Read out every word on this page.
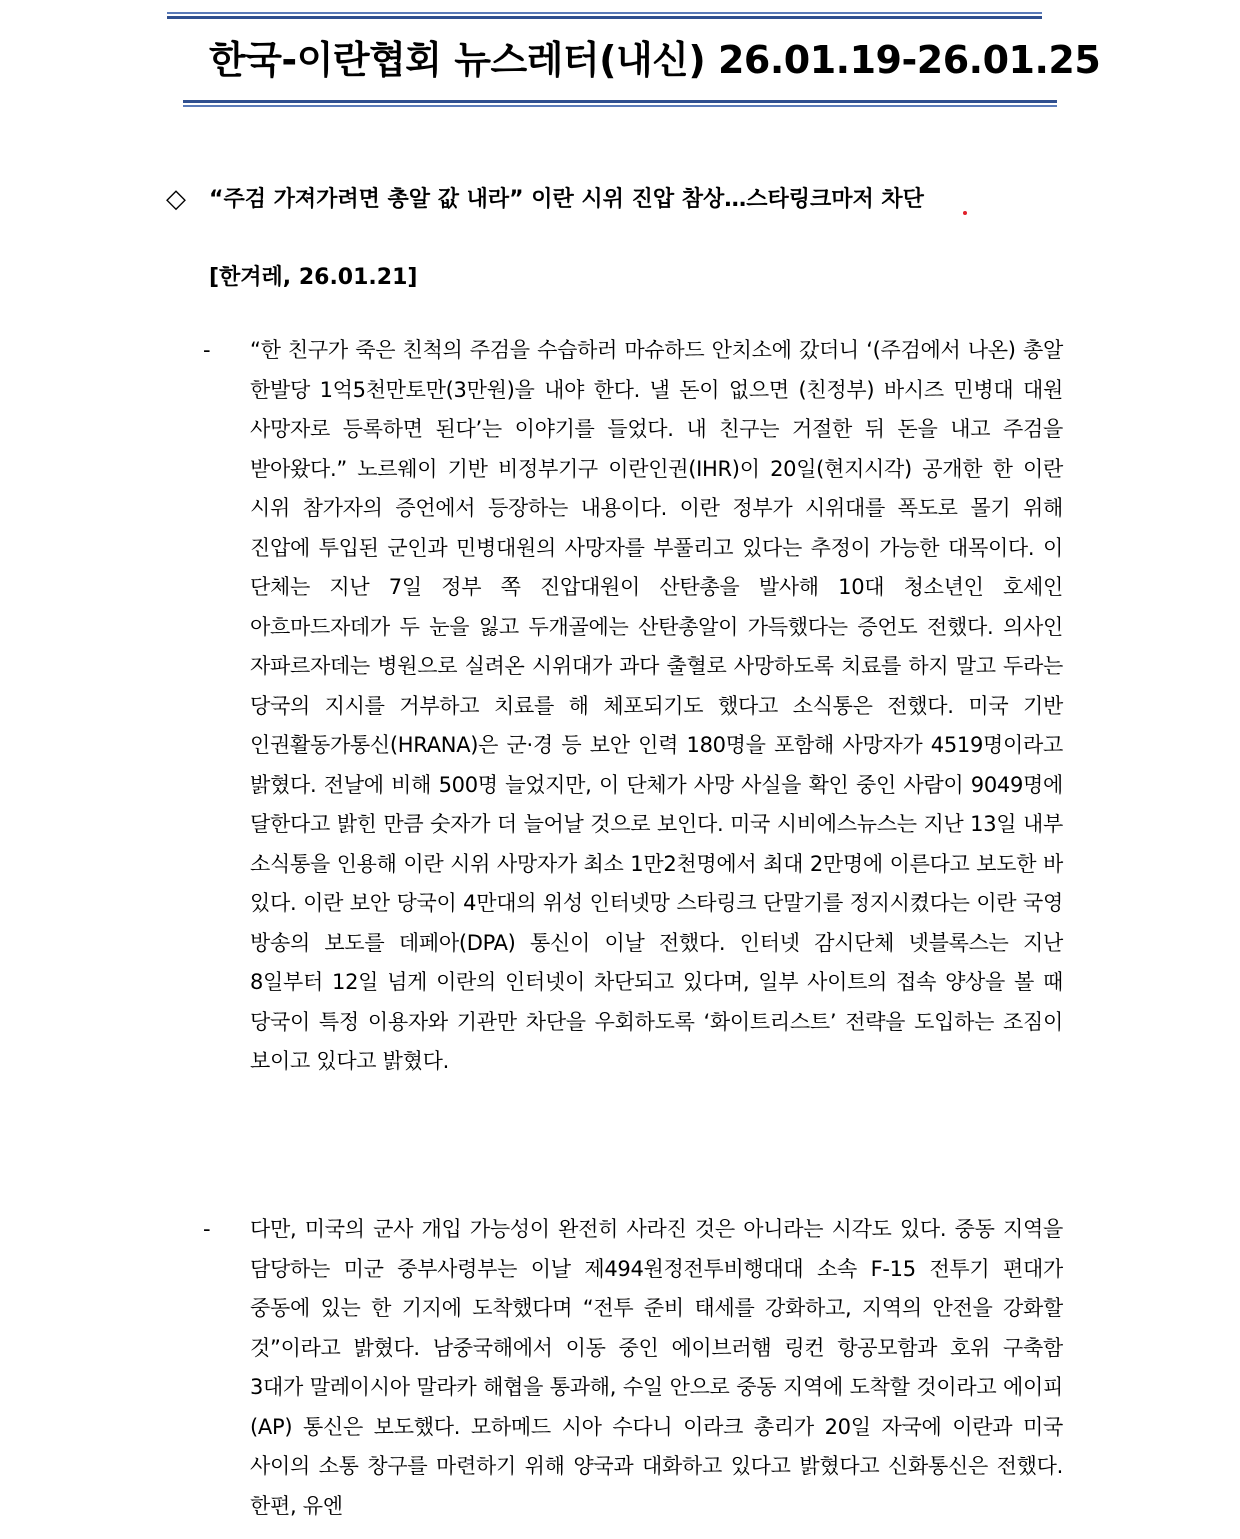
한국-이란협회 뉴스레터(내신) 26.01.19-26.01.25
◇ “주검 가져가려면 총알 값 내라” 이란 시위 진압 참상…스타링크마저 차단
[한겨레, 26.01.21]
- “한 친구가 죽은 친척의 주검을 수습하러 마슈하드 안치소에 갔더니 ‘(주검에서 나온) 총알 한발당 1억5천만토만(3만원)을 내야 한다. 낼 돈이 없으면 (친정부) 바시즈 민병대 대원 사망자로 등록하면 된다’는 이야기를 들었다. 내 친구는 거절한 뒤 돈을 내고 주검을 받아왔다.” 노르웨이 기반 비정부기구 이란인권(IHR)이 20일(현지시각) 공개한 한 이란 시위 참가자의 증언에서 등장하는 내용이다. 이란 정부가 시위대를 폭도로 몰기 위해 진압에 투입된 군인과 민병대원의 사망자를 부풀리고 있다는 추정이 가능한 대목이다. 이 단체는 지난 7일 정부 쪽 진압대원이 산탄총을 발사해 10대 청소년인 호세인 아흐마드자데가 두 눈을 잃고 두개골에는 산탄총알이 가득했다는 증언도 전했다. 의사인 자파르자데는 병원으로 실려온 시위대가 과다 출혈로 사망하도록 치료를 하지 말고 두라는 당국의 지시를 거부하고 치료를 해 체포되기도 했다고 소식통은 전했다. 미국 기반 인권활동가통신(HRANA)은 군·경 등 보안 인력 180명을 포함해 사망자가 4519명이라고 밝혔다. 전날에 비해 500명 늘었지만, 이 단체가 사망 사실을 확인 중인 사람이 9049명에 달한다고 밝힌 만큼 숫자가 더 늘어날 것으로 보인다. 미국 시비에스뉴스는 지난 13일 내부 소식통을 인용해 이란 시위 사망자가 최소 1만2천명에서 최대 2만명에 이른다고 보도한 바 있다. 이란 보안 당국이 4만대의 위성 인터넷망 스타링크 단말기를 정지시켰다는 이란 국영 방송의 보도를 데페아(DPA) 통신이 이날 전했다. 인터넷 감시단체 넷블록스는 지난 8일부터 12일 넘게 이란의 인터넷이 차단되고 있다며, 일부 사이트의 접속 양상을 볼 때 당국이 특정 이용자와 기관만 차단을 우회하도록 ‘화이트리스트’ 전략을 도입하는 조짐이 보이고 있다고 밝혔다.
- 다만, 미국의 군사 개입 가능성이 완전히 사라진 것은 아니라는 시각도 있다. 중동 지역을 담당하는 미군 중부사령부는 이날 제494원정전투비행대대 소속 F-15 전투기 편대가 중동에 있는 한 기지에 도착했다며 “전투 준비 태세를 강화하고, 지역의 안전을 강화할 것”이라고 밝혔다. 남중국해에서 이동 중인 에이브러햄 링컨 항공모함과 호위 구축함 3대가 말레이시아 말라카 해협을 통과해, 수일 안으로 중동 지역에 도착할 것이라고 에이피(AP) 통신은 보도했다. 모하메드 시아 수다니 이라크 총리가 20일 자국에 이란과 미국 사이의 소통 창구를 마련하기 위해 양국과 대화하고 있다고 밝혔다고 신화통신은 전했다. 한편, 유엔
